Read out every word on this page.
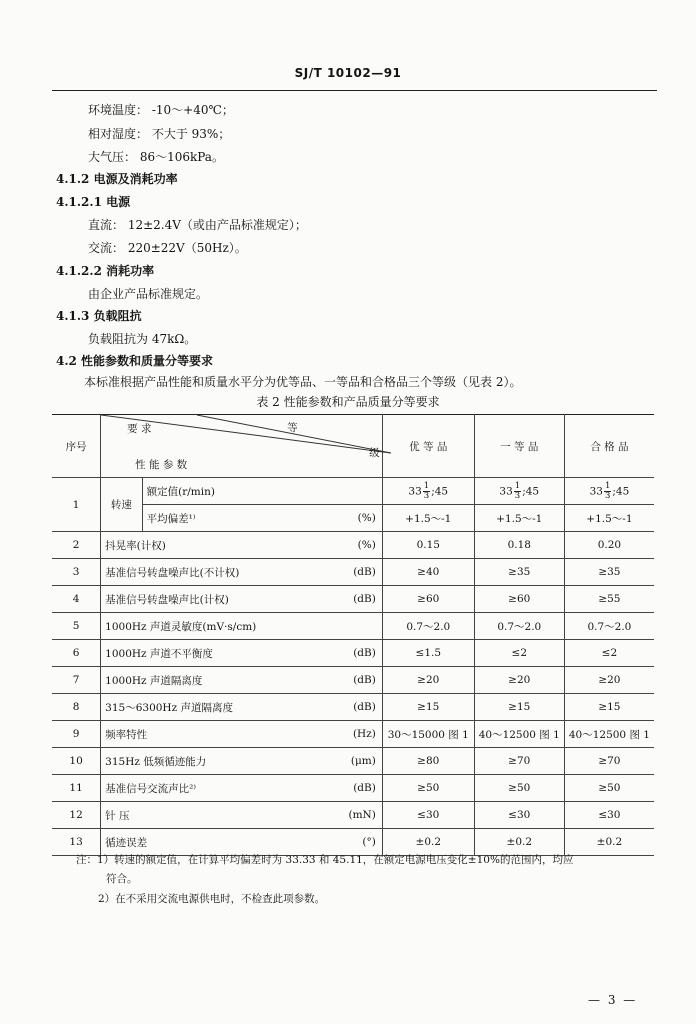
SJ/T 10102—91
环境温度： -10～+40℃；
相对湿度： 不大于 93%；
大气压： 86～106kPa。
4.1.2 电源及消耗功率
4.1.2.1 电源
直流： 12±2.4V（或由产品标准规定）；
交流： 220±22V（50Hz）。
4.1.2.2 消耗功率
由企业产品标准规定。
4.1.3 负载阻抗
负载阻抗为 47kΩ。
4.2 性能参数和质量分等要求
本标准根据产品性能和质量水平分为优等品、一等品和合格品三个等级（见表 2）。
表 2 性能参数和产品质量分等要求
序号	要 求 等
级
性 能 参 数		优 等 品	一 等 品	合 格 品
1	转速	额定值(r/min)	$33 \frac{1}{3}$ ;45	$33 \frac{1}{3}$ ;45	$33 \frac{1}{3}$ ;45
		平均偏差¹⁾ (%)	+1.5～-1	+1.5～-1	+1.5～-1
2	抖晃率(计权) (%)		0.15	0.18	0.20
3	基准信号转盘噪声比(不计权) (dB)		≥40	≥35	≥35
4	基准信号转盘噪声比(计权) (dB)		≥60	≥60	≥55
5	1000Hz 声道灵敏度(mV·s/cm)		0.7～2.0	0.7～2.0	0.7～2.0
6	1000Hz 声道不平衡度 (dB)		≤1.5	≤2	≤2
7	1000Hz 声道隔离度 (dB)		≥20	≥20	≥20
8	315～6300Hz 声道隔离度 (dB)		≥15	≥15	≥15
9	频率特性 (Hz)		30～15000 图 1	40～12500 图 1	40～12500 图 1
10	315Hz 低频循迹能力 (μm)		≥80	≥70	≥70
11	基准信号交流声比²⁾ (dB)		≥50	≥50	≥50
12	针 压 (mN)		≤30	≤30	≤30
13	循迹误差 (°)		±0.2	±0.2	±0.2
注：1）转速的额定值，在计算平均偏差时为 33.33 和 45.11，在额定电源电压变化±10%的范围内，均应
符合。
2）在不采用交流电源供电时，不检查此项参数。
— 3 —
